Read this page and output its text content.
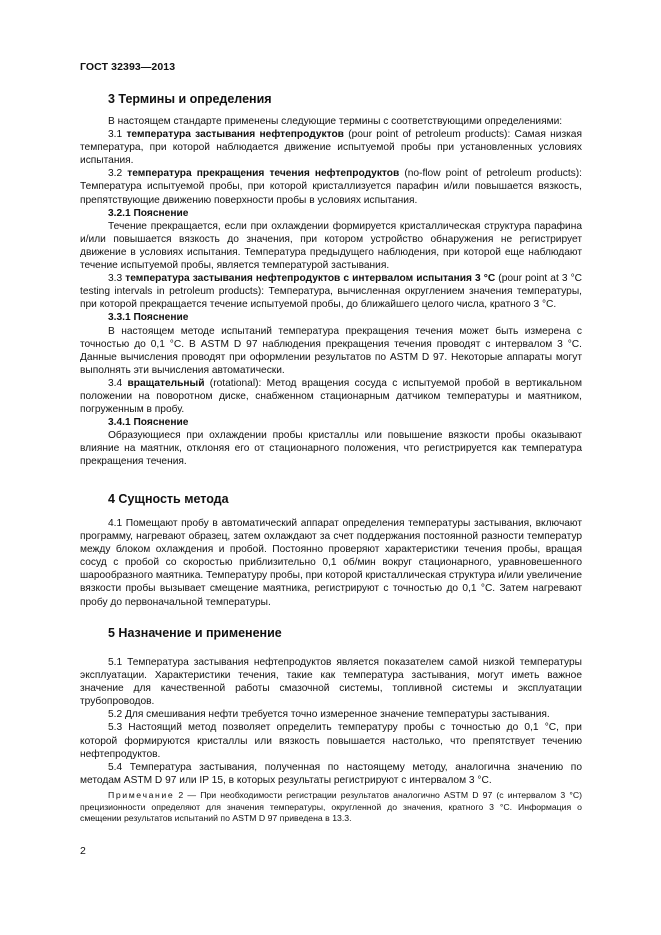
ГОСТ 32393—2013
3 Термины и определения

В настоящем стандарте применены следующие термины с соответствующими определениями:

3.1 температура застывания нефтепродуктов (pour point of petroleum products): Самая низкая температура, при которой наблюдается движение испытуемой пробы при установленных условиях испытания.

3.2 температура прекращения течения нефтепродуктов (no-flow point of petroleum products): Температура испытуемой пробы, при которой кристаллизуется парафин и/или повышается вязкость, препятствующие движению поверхности пробы в условиях испытания.

3.2.1 Пояснение

Течение прекращается, если при охлаждении формируется кристаллическая структура парафина и/или повышается вязкость до значения, при котором устройство обнаружения не регистрирует движение в условиях испытания. Температура предыдущего наблюдения, при которой еще наблюдают течение испытуемой пробы, является температурой застывания.

3.3 температура застывания нефтепродуктов с интервалом испытания 3 °С (pour point at 3 °C testing intervals in petroleum products): Температура, вычисленная округлением значения температуры, при которой прекращается течение испытуемой пробы, до ближайшего целого числа, кратного 3 °С.

3.3.1 Пояснение

В настоящем методе испытаний температура прекращения течения может быть измерена с точностью до 0,1 °С. В ASTM D 97 наблюдения прекращения течения проводят с интервалом 3 °С. Данные вычисления проводят при оформлении результатов по ASTM D 97. Некоторые аппараты могут выполнять эти вычисления автоматически.

3.4 вращательный (rotational): Метод вращения сосуда с испытуемой пробой в вертикальном положении на поворотном диске, снабженном стационарным датчиком температуры и маятником, погруженным в пробу.

3.4.1 Пояснение

Образующиеся при охлаждении пробы кристаллы или повышение вязкости пробы оказывают влияние на маятник, отклоняя его от стационарного положения, что регистрируется как температура прекращения течения.

4 Сущность метода

4.1 Помещают пробу в автоматический аппарат определения температуры застывания, включают программу, нагревают образец, затем охлаждают за счет поддержания постоянной разности температур между блоком охлаждения и пробой. Постоянно проверяют характеристики течения пробы, вращая сосуд с пробой со скоростью приблизительно 0,1 об/мин вокруг стационарного, уравновешенного шарообразного маятника. Температуру пробы, при которой кристаллическая структура и/или увеличение вязкости пробы вызывает смещение маятника, регистрируют с точностью до 0,1 °С. Затем нагревают пробу до первоначальной температуры.

5 Назначение и применение

5.1 Температура застывания нефтепродуктов является показателем самой низкой температуры эксплуатации. Характеристики течения, такие как температура застывания, могут иметь важное значение для качественной работы смазочной системы, топливной системы и эксплуатации трубопроводов.

5.2 Для смешивания нефти требуется точно измеренное значение температуры застывания.

5.3 Настоящий метод позволяет определить температуру пробы с точностью до 0,1 °С, при которой формируются кристаллы или вязкость повышается настолько, что препятствует течению нефтепродуктов.

5.4 Температура застывания, полученная по настоящему методу, аналогична значению по методам ASTM D 97 или IP 15, в которых результаты регистрируют с интервалом 3 °С.

Примечание 2 — При необходимости регистрации результатов аналогично ASTM D 97 (с интервалом 3 °С) прецизионности определяют для значения температуры, округленной до значения, кратного 3 °С. Информация о смещении результатов испытаний по ASTM D 97 приведена в 13.3.

2
